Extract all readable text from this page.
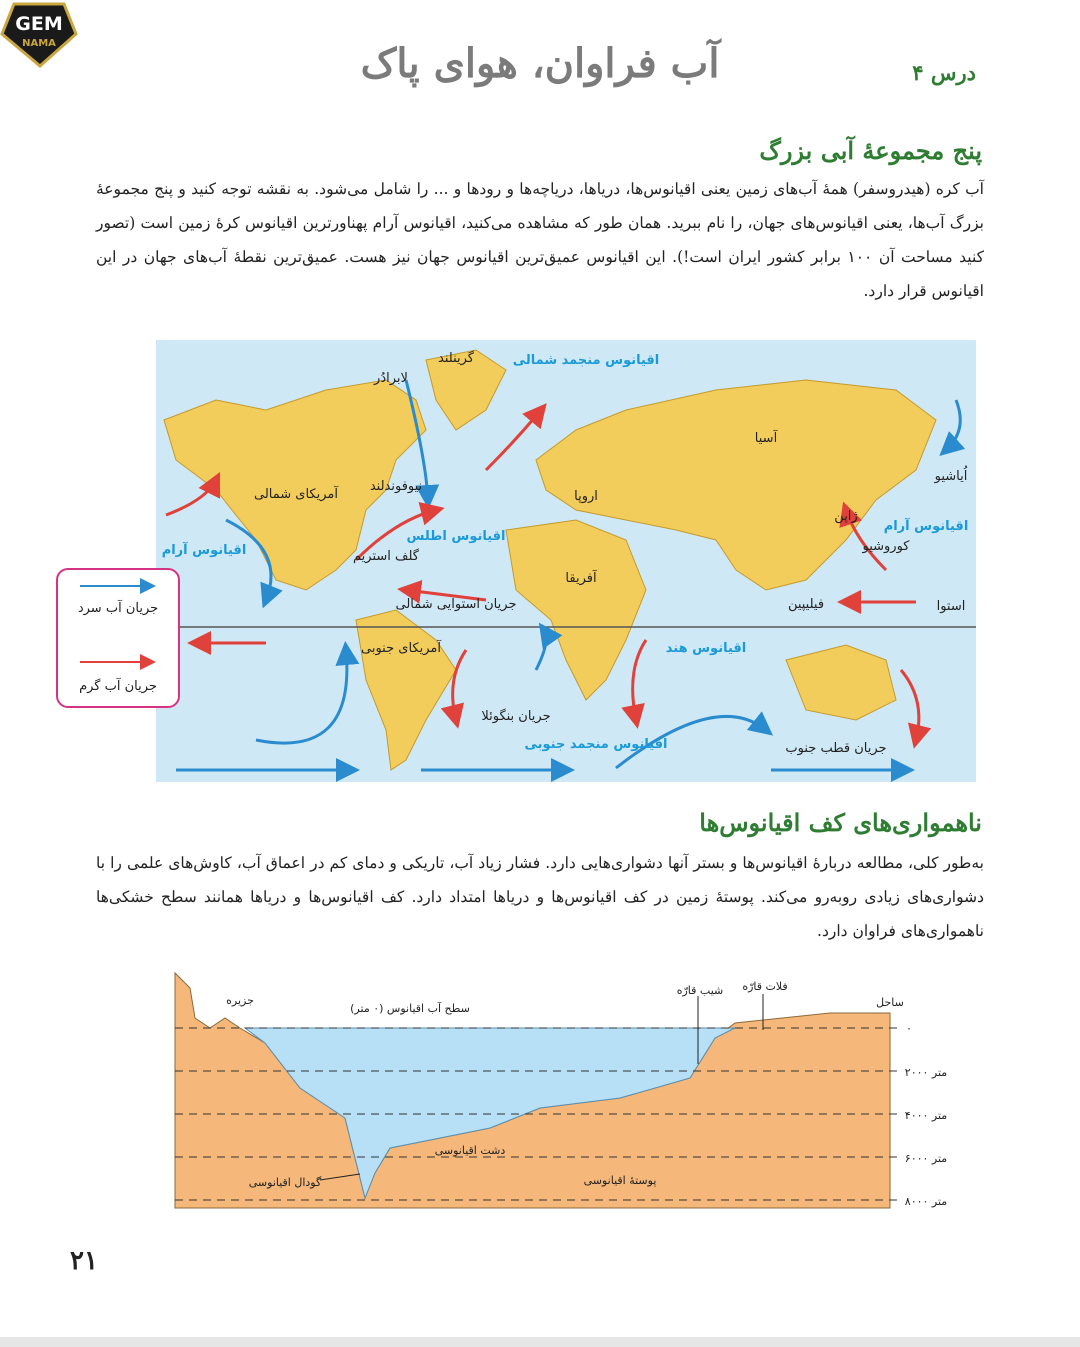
GEM
NAMA
درس ۴
آب فراوان، هوای پاک
پنج مجموعهٔ آبی بزرگ
آب کره (هیدروسفر) همهٔ آب‌های زمین یعنی اقیانوس‌ها، دریاها، دریاچه‌ها و رودها و ... را شامل می‌شود. به نقشه توجه کنید و پنج مجموعهٔ بزرگ آب‌ها، یعنی اقیانوس‌های جهان، را نام ببرید. همان طور که مشاهده می‌کنید، اقیانوس آرام پهناورترین اقیانوس کرهٔ زمین است (تصور کنید مساحت آن ۱۰۰ برابر کشور ایران است!). این اقیانوس عمیق‌ترین اقیانوس جهان نیز هست. عمیق‌ترین نقطهٔ آب‌های جهان در این اقیانوس قرار دارد.
گرینلند	اقیانوس منجمد شمالی
لابرادُر
آسیا
اُیاشیو
آمریکای شمالی
نیوفوندلند
اروپا
اقیانوس آرام
اقیانوس اطلس
گلف استریم
آفریقا
ژاپن
کوروشیو
اقیانوس آرام
جریان استوایی شمالی	فیلیپین	استوا
آمریکای جنوبی	اقیانوس هند
جریان بنگوئلا
اقیانوس منجمد جنوبی	جریان قطب جنوب
جریان آب سرد
جریان آب گرم
ناهمواری‌های کف اقیانوس‌ها
به‌طور کلی، مطالعه دربارهٔ اقیانوس‌ها و بستر آنها دشواری‌هایی دارد. فشار زیاد آب، تاریکی و دمای کم در اعماق آب، کاوش‌های علمی را با دشواری‌های زیادی روبه‌رو می‌کند. پوستهٔ زمین در کف اقیانوس‌ها و دریاها امتداد دارد. کف اقیانوس‌ها و دریاها همانند سطح خشکی‌ها ناهمواری‌های فراوان دارد.
جزیره
سطح آب اقیانوس (۰ متر)
شیب قارّه فلات قارّه
ساحل
۰
۲۰۰۰ متر
۴۰۰۰ متر
۶۰۰۰ متر
۸۰۰۰ متر
دشت اقیانوسی
گودال اقیانوسی	پوستهٔ اقیانوسی
۲۱
